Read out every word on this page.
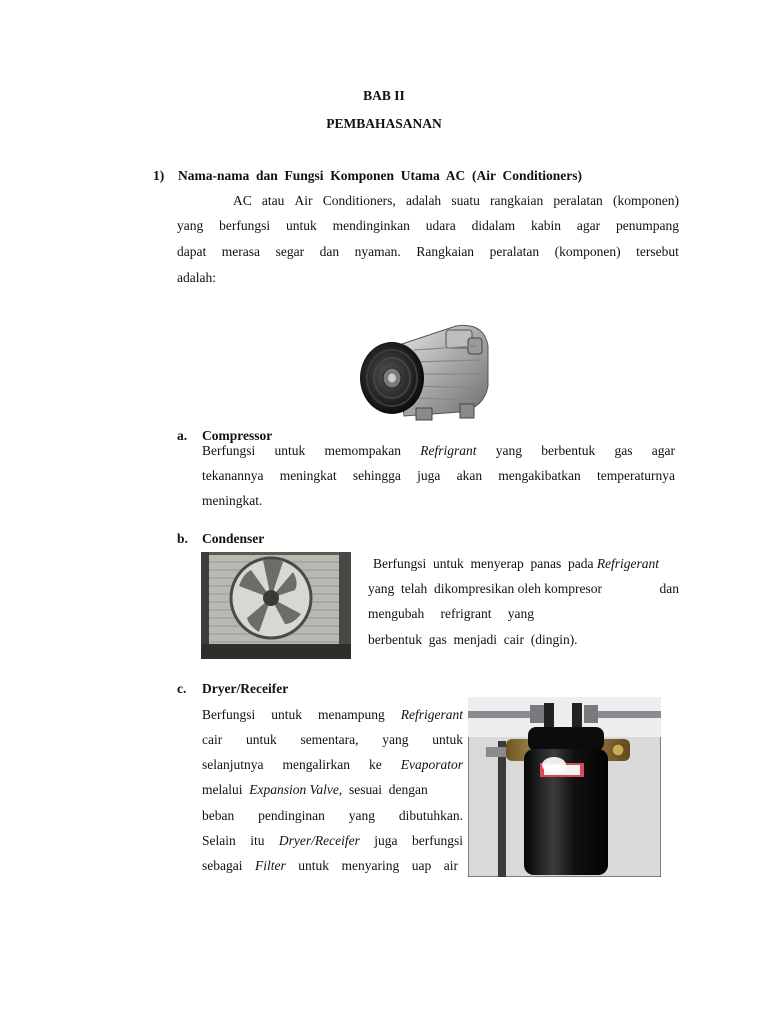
BAB II
PEMBAHASANAN
1) Nama-nama  dan  Fungsi  Komponen  Utama  AC  (Air  Conditioners)
AC atau Air Conditioners, adalah suatu rangkaian peralatan (komponen)
yang berfungsi untuk mendinginkan udara didalam kabin agar penumpang
dapat merasa segar dan nyaman. Rangkaian peralatan (komponen) tersebut
adalah:
a. Compressor
Berfungsi untuk memompakan Refrigrant yang berbentuk gas agar
tekanannya meningkat sehingga juga akan mengakibatkan temperaturnya
meningkat.
b. Condenser
Berfungsi  untuk  menyerap  panas  pada Refrigerant
yang  telah  dikompresikan oleh kompresor	dan
mengubah refrigrant yang
berbentuk  gas  menjadi  cair  (dingin).
c. Dryer/Receifer
Berfungsi untuk menampung Refrigerant
cair untuk sementara, yang untuk
selanjutnya mengalirkan ke Evaporator
melalui Expansion Valve,  sesuai  dengan
beban pendinginan yang dibutuhkan.
Selain itu Dryer/Receifer juga berfungsi
sebagai Filter untuk menyaring uap air
